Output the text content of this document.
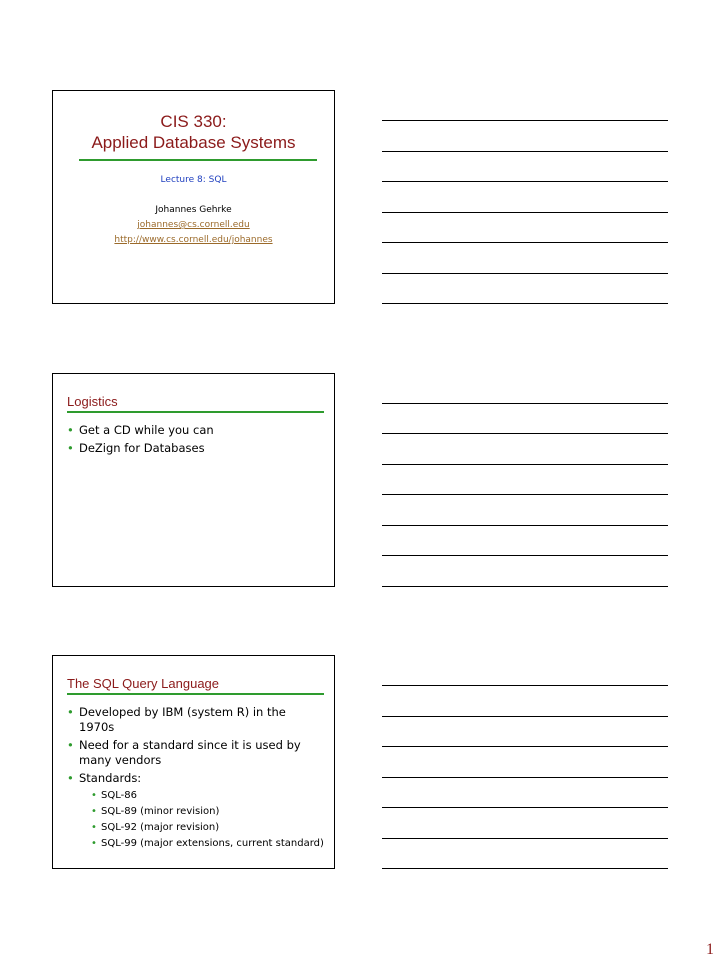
CIS 330:
Applied Database Systems
Lecture 8: SQL
Johannes Gehrke
johannes@cs.cornell.edu
http://www.cs.cornell.edu/johannes
Logistics
• Get a CD while you can
• DeZign for Databases
The SQL Query Language
• Developed by IBM (system R) in the 1970s
• Need for a standard since it is used by many vendors
• Standards:
• SQL-86
• SQL-89 (minor revision)
• SQL-92 (major revision)
• SQL-99 (major extensions, current standard)
1
